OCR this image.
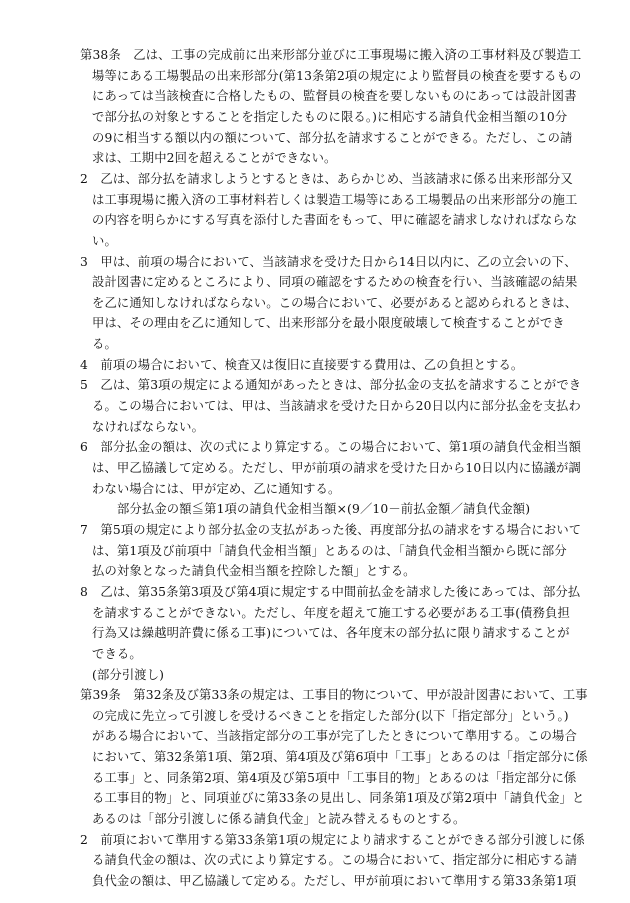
第38条　乙は、工事の完成前に出来形部分並びに工事現場に搬入済の工事材料及び製造工
場等にある工場製品の出来形部分(第13条第2項の規定により監督員の検査を要するもの
にあっては当該検査に合格したもの、監督員の検査を要しないものにあっては設計図書
で部分払の対象とすることを指定したものに限る。)に相応する請負代金相当額の10分
の9に相当する額以内の額について、部分払を請求することができる。ただし、この請
求は、工期中2回を超えることができない。
2　乙は、部分払を請求しようとするときは、あらかじめ、当該請求に係る出来形部分又
は工事現場に搬入済の工事材料若しくは製造工場等にある工場製品の出来形部分の施工
の内容を明らかにする写真を添付した書面をもって、甲に確認を請求しなければならな
い。
3　甲は、前項の場合において、当該請求を受けた日から14日以内に、乙の立会いの下、
設計図書に定めるところにより、同項の確認をするための検査を行い、当該確認の結果
を乙に通知しなければならない。この場合において、必要があると認められるときは、
甲は、その理由を乙に通知して、出来形部分を最小限度破壊して検査することができ
る。
4　前項の場合において、検査又は復旧に直接要する費用は、乙の負担とする。
5　乙は、第3項の規定による通知があったときは、部分払金の支払を請求することができ
る。この場合においては、甲は、当該請求を受けた日から20日以内に部分払金を支払わ
なければならない。
6　部分払金の額は、次の式により算定する。この場合において、第1項の請負代金相当額
は、甲乙協議して定める。ただし、甲が前項の請求を受けた日から10日以内に協議が調
わない場合には、甲が定め、乙に通知する。
部分払金の額≦第1項の請負代金相当額×(9／10－前払金額／請負代金額)
7　第5項の規定により部分払金の支払があった後、再度部分払の請求をする場合において
は、第1項及び前項中「請負代金相当額」とあるのは、「請負代金相当額から既に部分
払の対象となった請負代金相当額を控除した額」とする。
8　乙は、第35条第3項及び第4項に規定する中間前払金を請求した後にあっては、部分払
を請求することができない。ただし、年度を超えて施工する必要がある工事(債務負担
行為又は繰越明許費に係る工事)については、各年度末の部分払に限り請求することが
できる。
(部分引渡し)
第39条　第32条及び第33条の規定は、工事目的物について、甲が設計図書において、工事
の完成に先立って引渡しを受けるべきことを指定した部分(以下「指定部分」という。)
がある場合において、当該指定部分の工事が完了したときについて準用する。この場合
において、第32条第1項、第2項、第4項及び第6項中「工事」とあるのは「指定部分に係
る工事」と、同条第2項、第4項及び第5項中「工事目的物」とあるのは「指定部分に係
る工事目的物」と、同項並びに第33条の見出し、同条第1項及び第2項中「請負代金」と
あるのは「部分引渡しに係る請負代金」と読み替えるものとする。
2　前項において準用する第33条第1項の規定により請求することができる部分引渡しに係
る請負代金の額は、次の式により算定する。この場合において、指定部分に相応する請
負代金の額は、甲乙協議して定める。ただし、甲が前項において準用する第33条第1項
